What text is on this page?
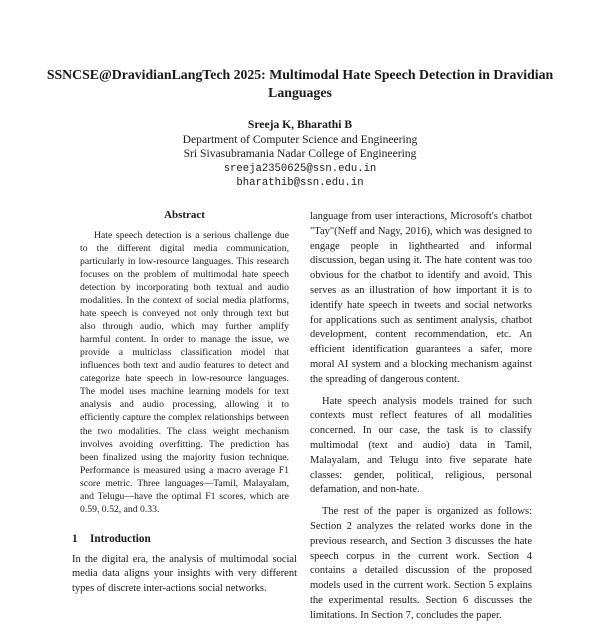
SSNCSE@DravidianLangTech 2025: Multimodal Hate Speech Detection in Dravidian Languages
Sreeja K, Bharathi B
Department of Computer Science and Engineering
Sri Sivasubramania Nadar College of Engineering
sreeja2350625@ssn.edu.in
bharathib@ssn.edu.in
Abstract

Hate speech detection is a serious challenge due to the different digital media communication, particularly in low-resource languages. This research focuses on the problem of multimodal hate speech detection by incorporating both textual and audio modalities. In the context of social media platforms, hate speech is conveyed not only through text but also through audio, which may further amplify harmful content. In order to manage the issue, we provide a multiclass classification model that influences both text and audio features to detect and categorize hate speech in low-resource languages. The model uses machine learning models for text analysis and audio processing, allowing it to efficiently capture the complex relationships between the two modalities. The class weight mechanism involves avoiding overfitting. The prediction has been finalized using the majority fusion technique. Performance is measured using a macro average F1 score metric. Three languages—Tamil, Malayalam, and Telugu—have the optimal F1 scores, which are 0.59, 0.52, and 0.33.

1 Introduction

In the digital era, the analysis of multimodal social media data aligns your insights with very different types of discrete inter-actions social networks.

language from user interactions, Microsoft's chatbot "Tay"(Neff and Nagy, 2016), which was designed to engage people in lighthearted and informal discussion, began using it. The hate content was too obvious for the chatbot to identify and avoid. This serves as an illustration of how important it is to identify hate speech in tweets and social networks for applications such as sentiment analysis, chatbot development, content recommendation, etc. An efficient identification guarantees a safer, more moral AI system and a blocking mechanism against the spreading of dangerous content.

Hate speech analysis models trained for such contexts must reflect features of all modalities concerned. In our case, the task is to classify multimodal (text and audio) data in Tamil, Malayalam, and Telugu into five separate hate classes: gender, political, religious, personal defamation, and non-hate.

The rest of the paper is organized as follows: Section 2 analyzes the related works done in the previous research, and Section 3 discusses the hate speech corpus in the current work. Section 4 contains a detailed discussion of the proposed models used in the current work. Section 5 explains the experimental results. Section 6 discusses the limitations. In Section 7, concludes the paper.
